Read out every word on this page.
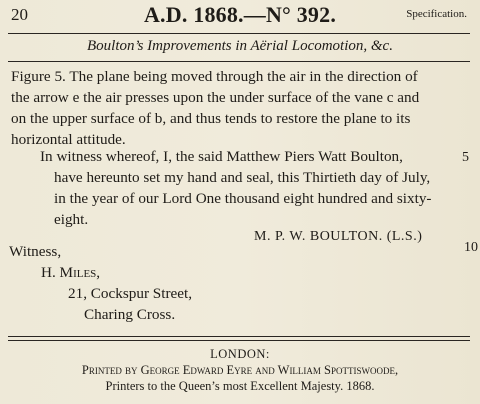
20	A.D. 1868.—N° 392.	Specification.
Boulton’s Improvements in Aërial Locomotion, &c.
Figure 5. The plane being moved through the air in the direction of
the arrow e the air presses upon the under surface of the vane c and
on the upper surface of b, and thus tends to restore the plane to its
horizontal attitude.
In witness whereof, I, the said Matthew Piers Watt Boulton,
have hereunto set my hand and seal, this Thirtieth day of July,
in the year of our Lord One thousand eight hundred and sixty-
eight.
5
10
M. P. W. BOULTON. (L.S.)
Witness,
H. Miles,
21, Cockspur Street,
Charing Cross.
LONDON:
Printed by George Edward Eyre and William Spottiswoode,
Printers to the Queen’s most Excellent Majesty. 1868.
